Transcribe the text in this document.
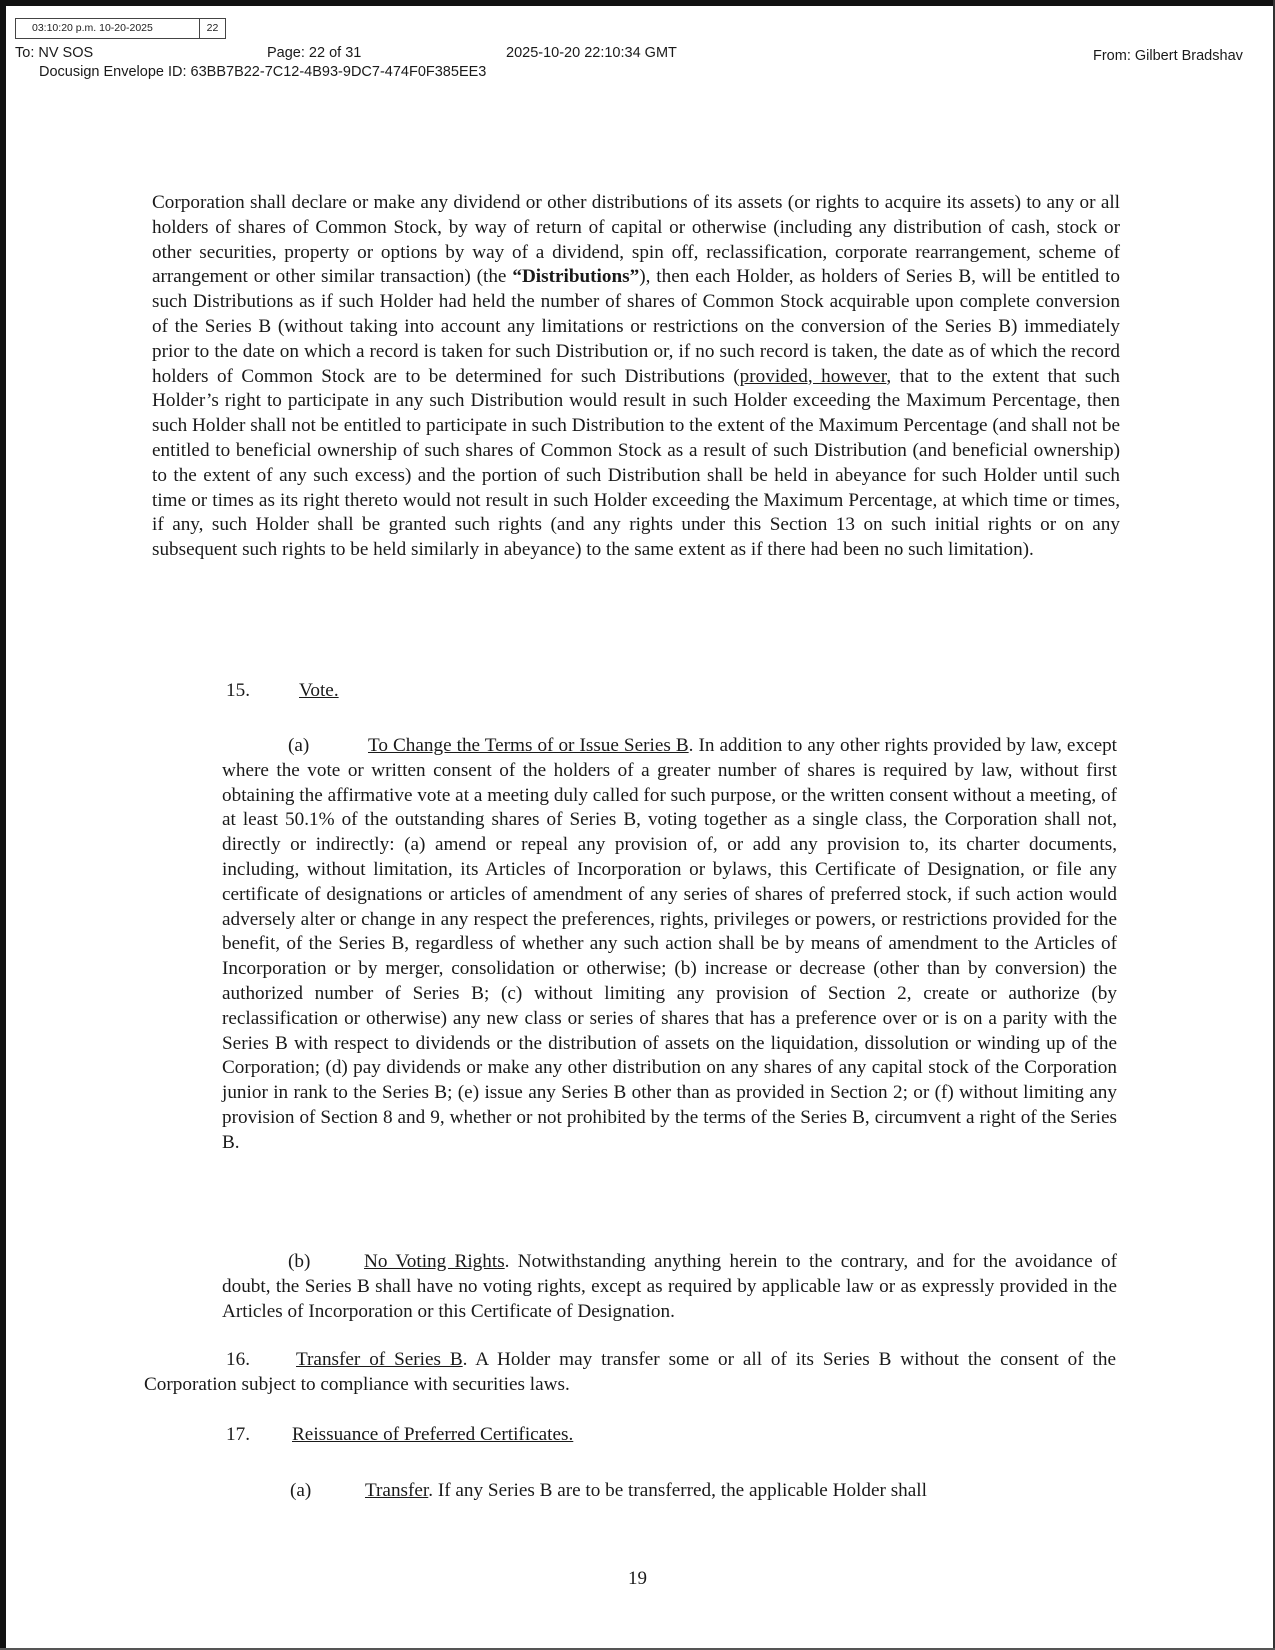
03:10:20 p.m. 10-20-2025	22
To: NV SOS	Page: 22 of 31	2025-10-20 22:10:34 GMT	From: Gilbert Bradshav
Docusign Envelope ID: 63BB7B22-7C12-4B93-9DC7-474F0F385EE3

Corporation shall declare or make any dividend or other distributions of its assets (or rights to acquire its assets) to any or all holders of shares of Common Stock, by way of return of capital or otherwise (including any distribution of cash, stock or other securities, property or options by way of a dividend, spin off, reclassification, corporate rearrangement, scheme of arrangement or other similar transaction) (the “Distributions”), then each Holder, as holders of Series B, will be entitled to such Distributions as if such Holder had held the number of shares of Common Stock acquirable upon complete conversion of the Series B (without taking into account any limitations or restrictions on the conversion of the Series B) immediately prior to the date on which a record is taken for such Distribution or, if no such record is taken, the date as of which the record holders of Common Stock are to be determined for such Distributions (provided, however, that to the extent that such Holder’s right to participate in any such Distribution would result in such Holder exceeding the Maximum Percentage, then such Holder shall not be entitled to participate in such Distribution to the extent of the Maximum Percentage (and shall not be entitled to beneficial ownership of such shares of Common Stock as a result of such Distribution (and beneficial ownership) to the extent of any such excess) and the portion of such Distribution shall be held in abeyance for such Holder until such time or times as its right thereto would not result in such Holder exceeding the Maximum Percentage, at which time or times, if any, such Holder shall be granted such rights (and any rights under this Section 13 on such initial rights or on any subsequent such rights to be held similarly in abeyance) to the same extent as if there had been no such limitation).

15.	Vote.
(a)	To Change the Terms of or Issue Series B. In addition to any other rights provided by law, except where the vote or written consent of the holders of a greater number of shares is required by law, without first obtaining the affirmative vote at a meeting duly called for such purpose, or the written consent without a meeting, of at least 50.1% of the outstanding shares of Series B, voting together as a single class, the Corporation shall not, directly or indirectly: (a) amend or repeal any provision of, or add any provision to, its charter documents, including, without limitation, its Articles of Incorporation or bylaws, this Certificate of Designation, or file any certificate of designations or articles of amendment of any series of shares of preferred stock, if such action would adversely alter or change in any respect the preferences, rights, privileges or powers, or restrictions provided for the benefit, of the Series B, regardless of whether any such action shall be by means of amendment to the Articles of Incorporation or by merger, consolidation or otherwise; (b) increase or decrease (other than by conversion) the authorized number of Series B; (c) without limiting any provision of Section 2, create or authorize (by reclassification or otherwise) any new class or series of shares that has a preference over or is on a parity with the Series B with respect to dividends or the distribution of assets on the liquidation, dissolution or winding up of the Corporation; (d) pay dividends or make any other distribution on any shares of any capital stock of the Corporation junior in rank to the Series B; (e) issue any Series B other than as provided in Section 2; or (f) without limiting any provision of Section 8 and 9, whether or not prohibited by the terms of the Series B, circumvent a right of the Series B.
(b)	No Voting Rights. Notwithstanding anything herein to the contrary, and for the avoidance of doubt, the Series B shall have no voting rights, except as required by applicable law or as expressly provided in the Articles of Incorporation or this Certificate of Designation.
16. Transfer of Series B. A Holder may transfer some or all of its Series B without the consent of the Corporation subject to compliance with securities laws.
17. Reissuance of Preferred Certificates.
(a)	Transfer. If any Series B are to be transferred, the applicable Holder shall
19
